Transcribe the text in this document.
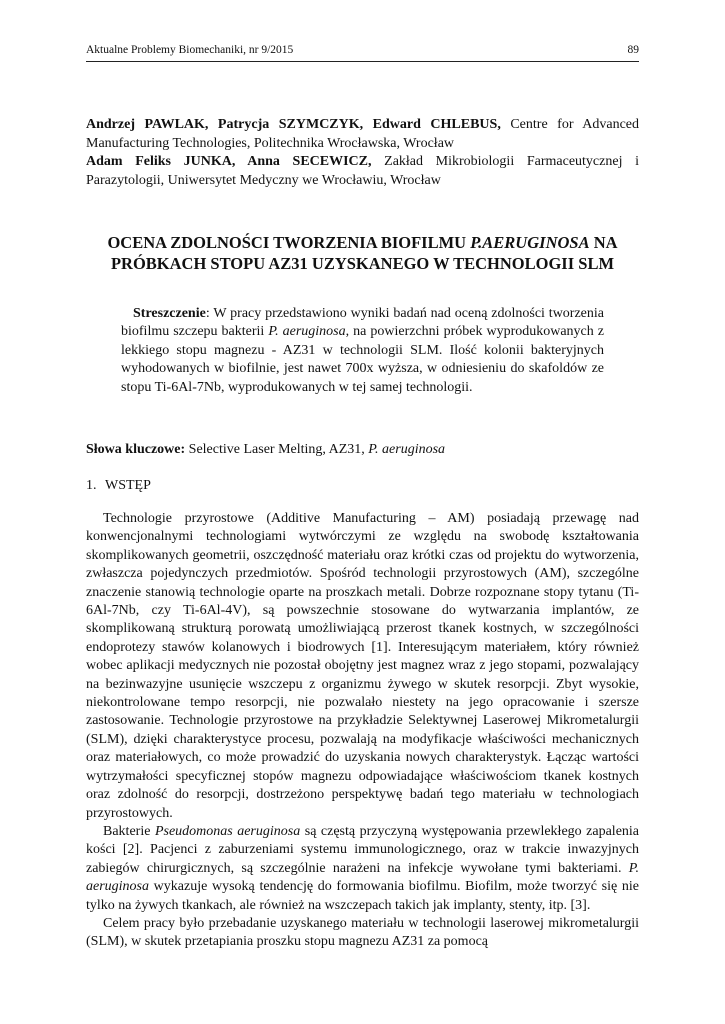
Aktualne Problemy Biomechaniki, nr 9/2015	89
Andrzej PAWLAK, Patrycja SZYMCZYK, Edward CHLEBUS, Centre for Advanced Manufacturing Technologies, Politechnika Wrocławska, Wrocław
Adam Feliks JUNKA, Anna SECEWICZ, Zakład Mikrobiologii Farmaceutycznej i Parazytologii, Uniwersytet Medyczny we Wrocławiu, Wrocław
OCENA ZDOLNOŚCI TWORZENIA BIOFILMU P.AERUGINOSA NA PRÓBKACH STOPU AZ31 UZYSKANEGO W TECHNOLOGII SLM
Streszczenie: W pracy przedstawiono wyniki badań nad oceną zdolności tworzenia biofilmu szczepu bakterii P. aeruginosa, na powierzchni próbek wyprodukowanych z lekkiego stopu magnezu - AZ31 w technologii SLM. Ilość kolonii bakteryjnych wyhodowanych w biofilnie, jest nawet 700x wyższa, w odniesieniu do skafoldów ze stopu Ti-6Al-7Nb, wyprodukowanych w tej samej technologii.
Słowa kluczowe: Selective Laser Melting, AZ31, P. aeruginosa
1. WSTĘP

Technologie przyrostowe (Additive Manufacturing – AM) posiadają przewagę nad konwencjonalnymi technologiami wytwórczymi ze względu na swobodę kształtowania skomplikowanych geometrii, oszczędność materiału oraz krótki czas od projektu do wytworzenia, zwłaszcza pojedynczych przedmiotów. Spośród technologii przyrostowych (AM), szczególne znaczenie stanowią technologie oparte na proszkach metali. Dobrze rozpoznane stopy tytanu (Ti-6Al-7Nb, czy Ti-6Al-4V), są powszechnie stosowane do wytwarzania implantów, ze skomplikowaną strukturą porowatą umożliwiającą przerost tkanek kostnych, w szczególności endoprotezy stawów kolanowych i biodrowych [1]. Interesującym materiałem, który również wobec aplikacji medycznych nie pozostał obojętny jest magnez wraz z jego stopami, pozwalający na bezinwazyjne usunięcie wszczepu z organizmu żywego w skutek resorpcji. Zbyt wysokie, niekontrolowane tempo resorpcji, nie pozwalało niestety na jego opracowanie i szersze zastosowanie. Technologie przyrostowe na przykładzie Selektywnej Laserowej Mikrometalurgii (SLM), dzięki charakterystyce procesu, pozwalają na modyfikacje właściwości mechanicznych oraz materiałowych, co może prowadzić do uzyskania nowych charakterystyk. Łącząc wartości wytrzymałości specyficznej stopów magnezu odpowiadające właściwościom tkanek kostnych oraz zdolność do resorpcji, dostrzeżono perspektywę badań tego materiału w technologiach przyrostowych.

Bakterie Pseudomonas aeruginosa są częstą przyczyną występowania przewlekłego zapalenia kości [2]. Pacjenci z zaburzeniami systemu immunologicznego, oraz w trakcie inwazyjnych zabiegów chirurgicznych, są szczególnie narażeni na infekcje wywołane tymi bakteriami. P. aeruginosa wykazuje wysoką tendencję do formowania biofilmu. Biofilm, może tworzyć się nie tylko na żywych tkankach, ale również na wszczepach takich jak implanty, stenty, itp. [3].

Celem pracy było przebadanie uzyskanego materiału w technologii laserowej mikrometalurgii (SLM), w skutek przetapiania proszku stopu magnezu AZ31 za pomocą
